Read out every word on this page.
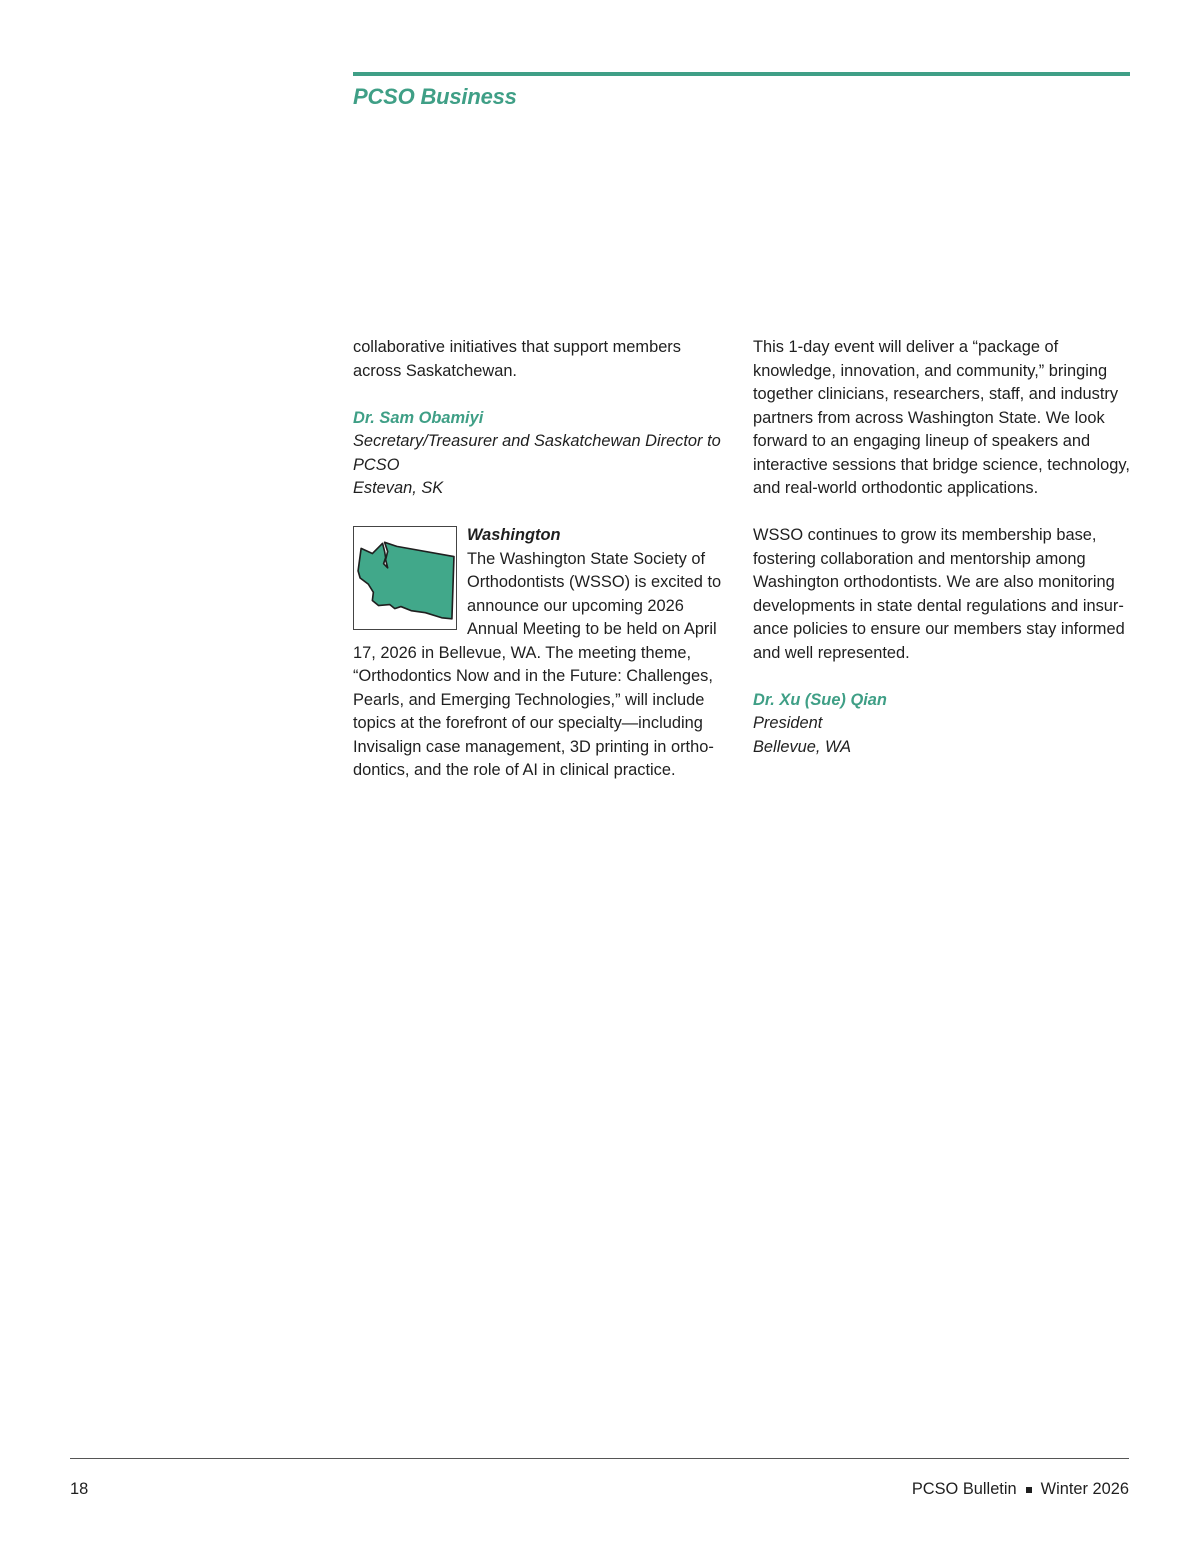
PCSO Business

collaborative initiatives that support members across Saskatchewan.

Dr. Sam Obamiyi
Secretary/Treasurer and Saskatchewan Director to PCSO
Estevan, SK
Washington

The Washington State Society of Orthodontists (WSSO) is excited to announce our upcoming 2026 Annual Meeting to be held on April 17, 2026 in Bellevue, WA. The meeting theme, “Orthodontics Now and in the Future: Challenges, Pearls, and Emerging Technologies,” will include topics at the forefront of our specialty—including Invisalign case management, 3D printing in ortho- dontics, and the role of AI in clinical practice.

This 1-day event will deliver a “package of knowledge, innovation, and community,” bringing together clinicians, researchers, staff, and industry partners from across Washington State. We look forward to an engaging lineup of speakers and interactive sessions that bridge science, technology, and real-world orthodontic applications.

WSSO continues to grow its membership base, fostering collaboration and mentorship among Washington orthodontists. We are also monitoring developments in state dental regulations and insur- ance policies to ensure our members stay informed and well represented.

Dr. Xu (Sue) Qian
President
Bellevue, WA
18	PCSO Bulletin Winter 2026
